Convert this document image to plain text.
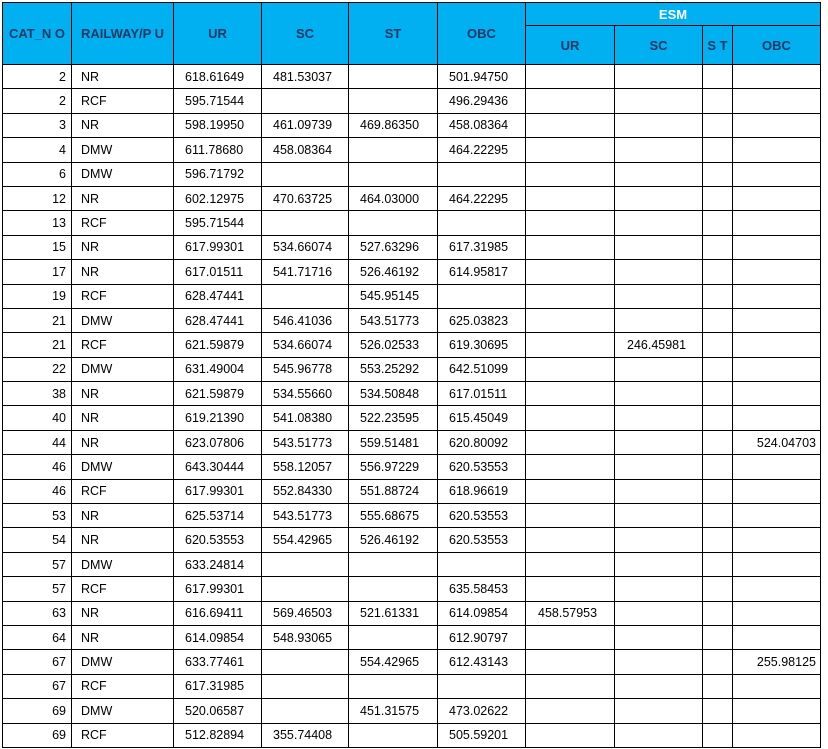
CAT_N O	RAILWAY/P U	UR	SC	ST	OBC	ESM			
						UR	SC	S T	OBC
2	NR	618.61649	481.53037		501.94750				
2	RCF	595.71544			496.29436				
3	NR	598.19950	461.09739	469.86350	458.08364				
4	DMW	611.78680	458.08364		464.22295				
6	DMW	596.71792							
12	NR	602.12975	470.63725	464.03000	464.22295				
13	RCF	595.71544							
15	NR	617.99301	534.66074	527.63296	617.31985				
17	NR	617.01511	541.71716	526.46192	614.95817				
19	RCF	628.47441		545.95145					
21	DMW	628.47441	546.41036	543.51773	625.03823				
21	RCF	621.59879	534.66074	526.02533	619.30695		246.45981		
22	DMW	631.49004	545.96778	553.25292	642.51099				
38	NR	621.59879	534.55660	534.50848	617.01511				
40	NR	619.21390	541.08380	522.23595	615.45049				
44	NR	623.07806	543.51773	559.51481	620.80092				524.04703
46	DMW	643.30444	558.12057	556.97229	620.53553				
46	RCF	617.99301	552.84330	551.88724	618.96619				
53	NR	625.53714	543.51773	555.68675	620.53553				
54	NR	620.53553	554.42965	526.46192	620.53553				
57	DMW	633.24814							
57	RCF	617.99301			635.58453				
63	NR	616.69411	569.46503	521.61331	614.09854	458.57953			
64	NR	614.09854	548.93065		612.90797				
67	DMW	633.77461		554.42965	612.43143				255.98125
67	RCF	617.31985							
69	DMW	520.06587		451.31575	473.02622				
69	RCF	512.82894	355.74408		505.59201				
